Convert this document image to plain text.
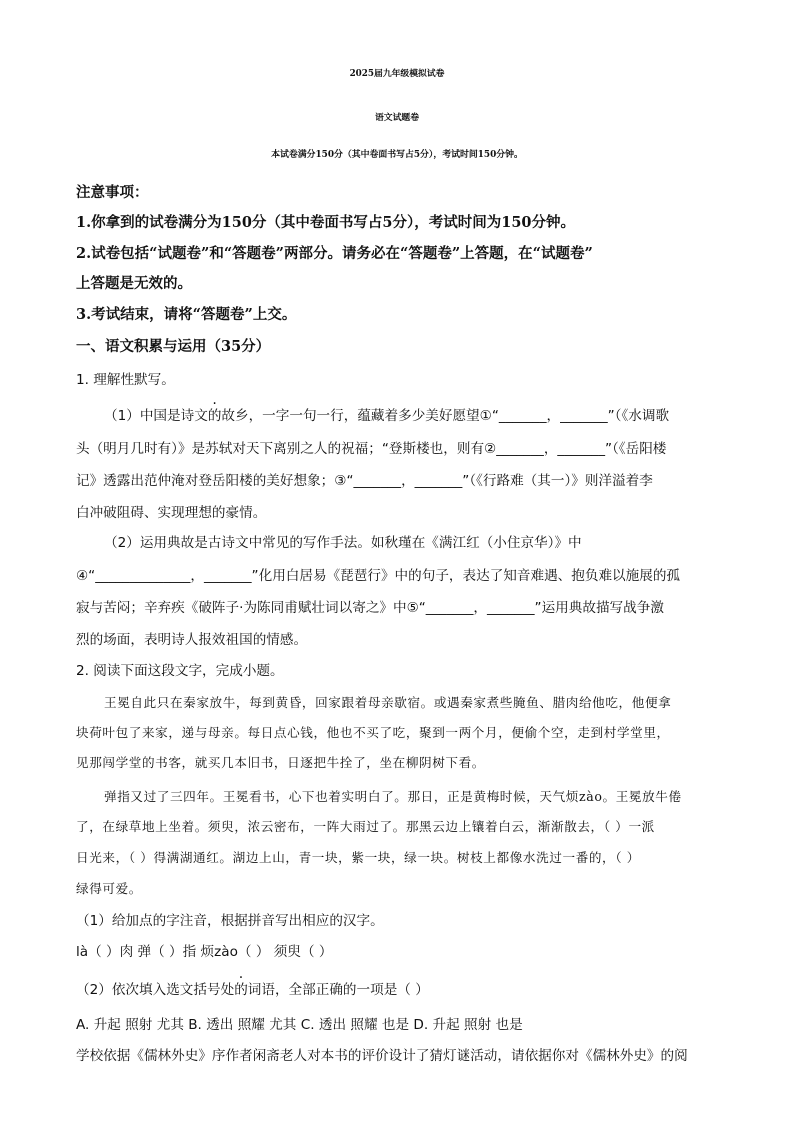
2025届九年级模拟试卷
语文试题卷
本试卷满分150分（其中卷面书写占5分），考试时间150分钟。
注意事项：
1.你拿到的试卷满分为150分（其中卷面书写占5分），考试时间为150分钟。
2.试卷包括“试题卷”和“答题卷”两部分。请务必在“答题卷”上答题，在“试题卷”
上答题是无效的。
3.考试结束，请将“答题卷”上交。
一、语文积累与运用（35分）
1. 理解性默写。
（1）中国是诗文的故乡，一字一句一行，蕴藏着多少美好愿望①“_______，_______”（《水调歌
头（明月几时有）》是苏轼对天下离别之人的祝福；“登斯楼也，则有②_______，_______”（《岳阳楼
记》透露出范仲淹对登岳阳楼的美好想象；③“_______，_______”（《行路难（其一）》则洋溢着李
白冲破阻碍、实现理想的豪情。
（2）运用典故是古诗文中常见的写作手法。如秋瑾在《满江红（小住京华）》中
④“______________，_______”化用白居易《琵琶行》中的句子，表达了知音难遇、抱负难以施展的孤
寂与苦闷；辛弃疾《破阵子·为陈同甫赋壮词以寄之》中⑤“_______，_______”运用典故描写战争激
烈的场面，表明诗人报效祖国的情感。
2. 阅读下面这段文字，完成小题。
王冕自此只在秦家放牛，每到黄昏，回家跟着母亲歇宿。或遇秦家煮些腌鱼、腊肉给他吃，他便拿
块荷叶包了来家，递与母亲。每日点心钱，他也不买了吃，聚到一两个月，便偷个空，走到村学堂里，
见那闯学堂的书客，就买几本旧书，日逐把牛拴了，坐在柳阴树下看。
弹指又过了三四年。王冕看书，心下也着实明白了。那日，正是黄梅时候，天气烦zào。王冕放牛倦
了，在绿草地上坐着。须臾，浓云密布，一阵大雨过了。那黑云边上镶着白云，渐渐散去，（ ）一派
日光来，（ ）得满湖通红。湖边上山，青一块，紫一块，绿一块。树枝上都像水洗过一番的，（ ）
绿得可爱。
（1）给加点的字注音，根据拼音写出相应的汉字。
là（ ）肉 弹（ ）指 烦zào（ ） 须臾（ ）
（2）依次填入选文括号处的词语，全部正确的一项是（ ）
A. 升起 照射 尤其 B. 透出 照耀 尤其 C. 透出 照耀 也是 D. 升起 照射 也是
学校依据《儒林外史》序作者闲斋老人对本书的评价设计了猜灯谜活动，请依据你对《儒林外史》的阅
